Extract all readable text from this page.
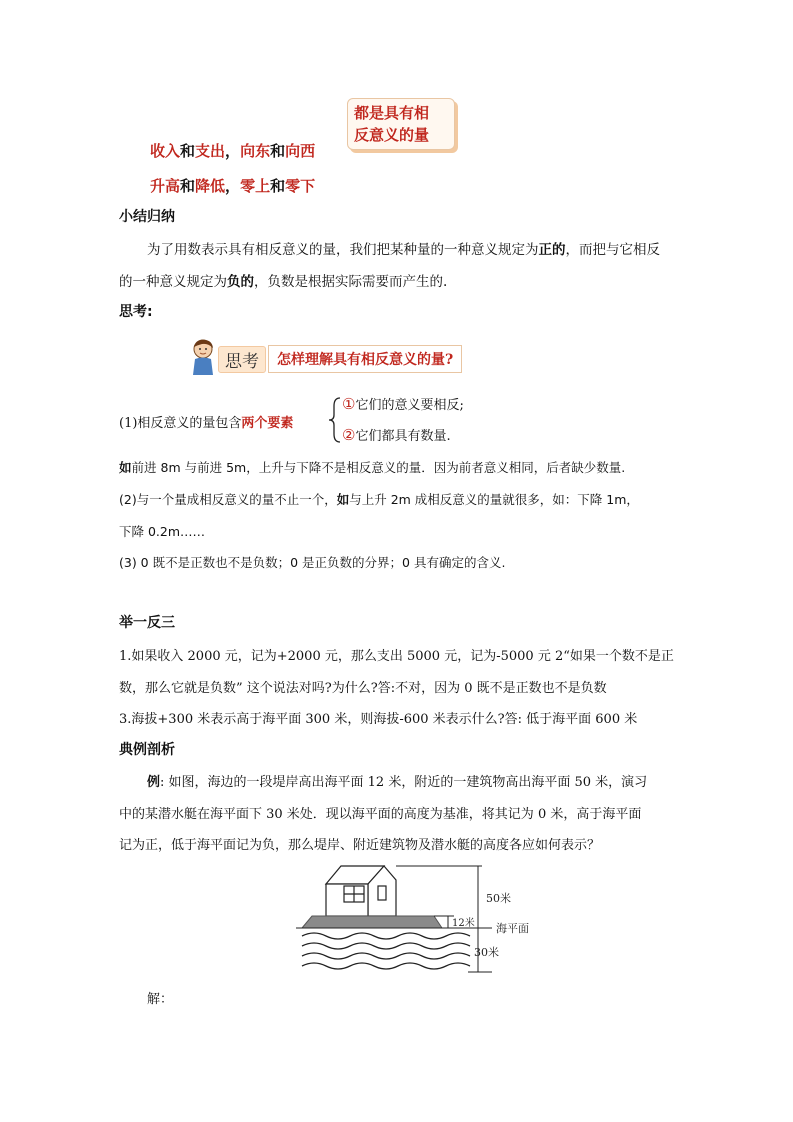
都是具有相
反意义的量
收入和支出，向东和向西
升高和降低，零上和零下
小结归纳
为了用数表示具有相反意义的量，我们把某种量的一种意义规定为正的，而把与它相反
的一种意义规定为负的，负数是根据实际需要而产生的.
思考:
思考	怎样理解具有相反意义的量?
(1)相反意义的量包含两个要素
①它们的意义要相反;
②它们都具有数量.
如前进 8m 与前进 5m，上升与下降不是相反意义的量．因为前者意义相同，后者缺少数量.
(2)与一个量成相反意义的量不止一个，如与上升 2m 成相反意义的量就很多，如：下降 1m，
下降 0.2m……
(3) 0 既不是正数也不是负数；0 是正负数的分界；0 具有确定的含义.
举一反三
1.如果收入 2000 元，记为+2000 元，那么支出 5000 元，记为-5000 元 2“如果一个数不是正
数，那么它就是负数” 这个说法对吗?为什么?答:不对，因为 0 既不是正数也不是负数
3.海拔+300 米表示高于海平面 300 米，则海拔-600 米表示什么?答: 低于海平面 600 米
典例剖析
例: 如图，海边的一段堤岸高出海平面 12 米，附近的一建筑物高出海平面 50 米，演习
中的某潜水艇在海平面下 30 米处．现以海平面的高度为基准，将其记为 0 米，高于海平面
记为正，低于海平面记为负，那么堤岸、附近建筑物及潜水艇的高度各应如何表示？
50米
12米 海平面
30米
解：
